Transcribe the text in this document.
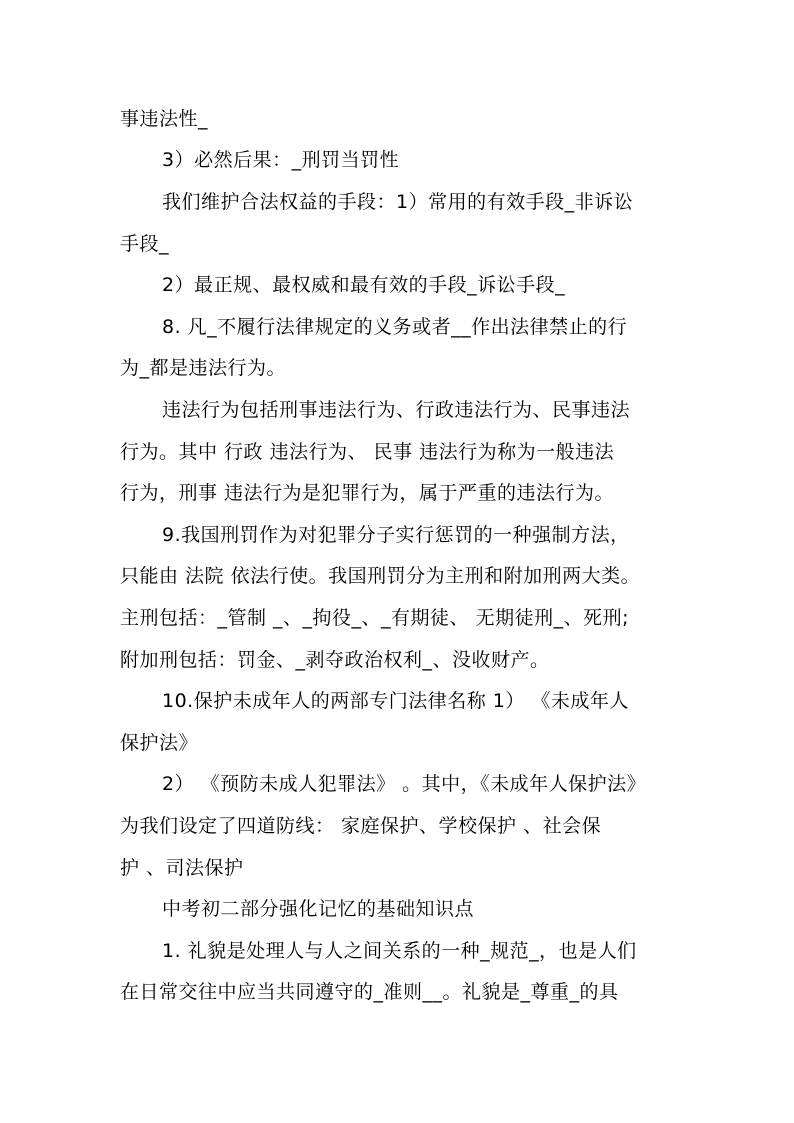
事违法性_
3）必然后果：_刑罚当罚性
我们维护合法权益的手段：1）常用的有效手段_非诉讼
手段_
2）最正规、最权威和最有效的手段_诉讼手段_
8. 凡_不履行法律规定的义务或者__作出法律禁止的行
为_都是违法行为。
违法行为包括刑事违法行为、行政违法行为、民事违法
行为。其中 行政 违法行为、 民事 违法行为称为一般违法
行为，刑事 违法行为是犯罪行为，属于严重的违法行为。
9.我国刑罚作为对犯罪分子实行惩罚的一种强制方法，
只能由 法院 依法行使。我国刑罚分为主刑和附加刑两大类。
主刑包括：_管制 _、_拘役_、_有期徒、 无期徒刑_、死刑;
附加刑包括：罚金、_剥夺政治权利_、没收财产。
10.保护未成年人的两部专门法律名称 1） 《未成年人
保护法》
2） 《预防未成人犯罪法》 。其中，《未成年人保护法》
为我们设定了四道防线： 家庭保护、学校保护 、社会保
护 、司法保护
中考初二部分强化记忆的基础知识点
1. 礼貌是处理人与人之间关系的一种_规范_，也是人们
在日常交往中应当共同遵守的_准则__。礼貌是_尊重_的具
